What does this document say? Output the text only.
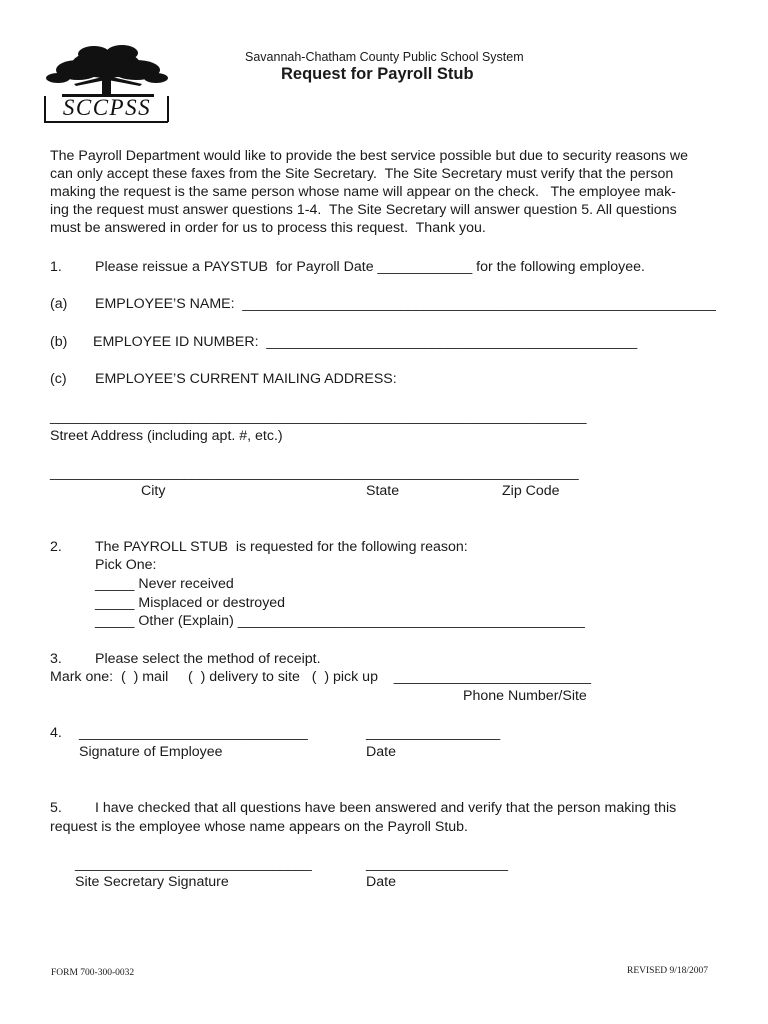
SCCPSS
Savannah-Chatham County Public School System
Request for Payroll Stub
The Payroll Department would like to provide the best service possible but due to security reasons we
can only accept these faxes from the Site Secretary.  The Site Secretary must verify that the person
making the request is the same person whose name will appear on the check.   The employee mak-
ing the request must answer questions 1-4.  The Site Secretary will answer question 5. All questions
must be answered in order for us to process this request.  Thank you.
1. Please reissue a PAYSTUB  for Payroll Date ____________ for the following employee.
(a) EMPLOYEE’S NAME:  ____________________________________________________________
(b) EMPLOYEE ID NUMBER:  _______________________________________________
(c) EMPLOYEE’S CURRENT MAILING ADDRESS:
____________________________________________________________________
Street Address (including apt. #, etc.)
___________________________________________________________________
City	State	Zip Code
2. The PAYROLL STUB  is requested for the following reason:
Pick One:
_____ Never received
_____ Misplaced or destroyed
_____ Other (Explain) ____________________________________________
3. Please select the method of receipt.
Mark one:  (  ) mail     (  ) delivery to site   (  ) pick up    _________________________
Phone Number/Site
4. _____________________________	_________________
Signature of Employee	Date
5. I have checked that all questions have been answered and verify that the person making this
request is the employee whose name appears on the Payroll Stub.
______________________________	__________________
Site Secretary Signature	Date
FORM 700-300-0032	REVISED 9/18/2007
